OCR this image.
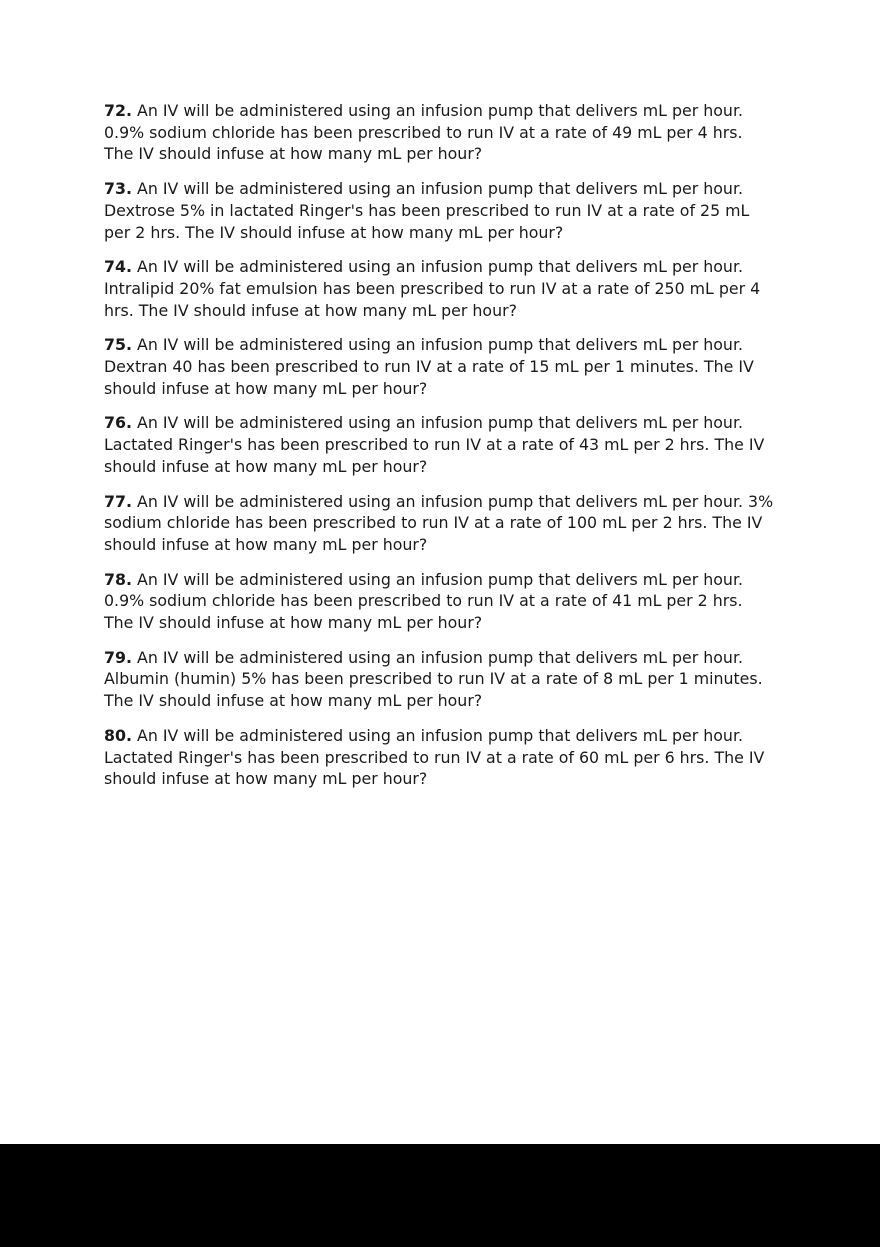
72. An IV will be administered using an infusion pump that delivers mL per hour.
0.9% sodium chloride has been prescribed to run IV at a rate of 49 mL per 4 hrs.
The IV should infuse at how many mL per hour?
73. An IV will be administered using an infusion pump that delivers mL per hour.
Dextrose 5% in lactated Ringer's has been prescribed to run IV at a rate of 25 mL
per 2 hrs. The IV should infuse at how many mL per hour?
74. An IV will be administered using an infusion pump that delivers mL per hour.
Intralipid 20% fat emulsion has been prescribed to run IV at a rate of 250 mL per 4
hrs. The IV should infuse at how many mL per hour?
75. An IV will be administered using an infusion pump that delivers mL per hour.
Dextran 40 has been prescribed to run IV at a rate of 15 mL per 1 minutes. The IV
should infuse at how many mL per hour?
76. An IV will be administered using an infusion pump that delivers mL per hour.
Lactated Ringer's has been prescribed to run IV at a rate of 43 mL per 2 hrs. The IV
should infuse at how many mL per hour?
77. An IV will be administered using an infusion pump that delivers mL per hour. 3%
sodium chloride has been prescribed to run IV at a rate of 100 mL per 2 hrs. The IV
should infuse at how many mL per hour?
78. An IV will be administered using an infusion pump that delivers mL per hour.
0.9% sodium chloride has been prescribed to run IV at a rate of 41 mL per 2 hrs.
The IV should infuse at how many mL per hour?
79. An IV will be administered using an infusion pump that delivers mL per hour.
Albumin (humin) 5% has been prescribed to run IV at a rate of 8 mL per 1 minutes.
The IV should infuse at how many mL per hour?
80. An IV will be administered using an infusion pump that delivers mL per hour.
Lactated Ringer's has been prescribed to run IV at a rate of 60 mL per 6 hrs. The IV
should infuse at how many mL per hour?
